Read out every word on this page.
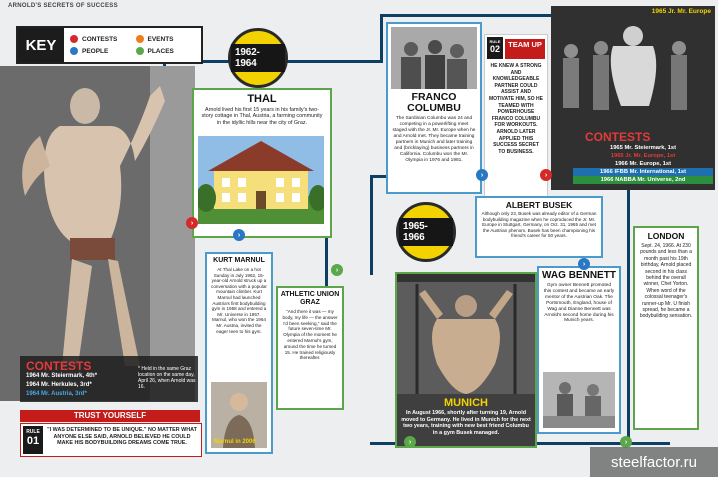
ARNOLD'S SECRETS OF SUCCESS
KEY	CONTESTS	EVENTS
PEOPLE	PLACES
CONTESTS
1964 Mr. Steiermark, 4th*
1964 Mr. Herkules, 3rd*
1964 Mr. Austria, 3rd*
* Held in the same Graz location on the same day, April 26, when Arnold was 16.
TRUST YOURSELF
RULE
01
"I WAS DETERMINED TO BE UNIQUE." NO MATTER WHAT ANYONE ELSE SAID, ARNOLD BELIEVED HE COULD MAKE HIS BODYBUILDING DREAMS COME TRUE.
1962-1964
THAL
Arnold lived his first 15 years in his family's two-story cottage in Thal, Austria, a farming community in the idyllic hills near the city of Graz.
KURT MARNUL
At Thal Lake on a hot Sunday in July 1962, 15-year-old Arnold struck up a conversation with a popular mountain climber. Kurt Marnul had launched Austria's first bodybuilding gym in 1958 and entered a Mr. Universe in 1957. Marnul, who won the 1964 Mr. Austria, invited the eager teen to his gym.
Marnul in 2006
ATHLETIC UNION GRAZ
"And there it was — my body, my life — the answer I'd been seeking," said the future seven-time Mr. Olympia of the moment he entered Marnul's gym, around the time he turned 15. He trained religiously thereafter.
FRANCO COLUMBU
The Sardinian Columbu was 24 and competing in a powerlifting meet staged with the Jr. Mr. Europe when he and Arnold met. They became training partners in Munich and later training and (bricklaying) business partners in California. Columbu won the Mr. Olympia in 1976 and 1981.
RULE
02	TEAM UP
HE KNEW A STRONG AND KNOWLEDGEABLE PARTNER COULD ASSIST AND MOTIVATE HIM, SO HE TEAMED WITH POWERHOUSE FRANCO COLUMBU FOR WORKOUTS. ARNOLD LATER APPLIED THIS SUCCESS SECRET TO BUSINESS.
1965 Jr. Mr. Europe
CONTESTS
1965 Mr. Steiermark, 1st
1965 Jr. Mr. Europe, 1st
1966 Mr. Europe, 1st
1966 IFBB Mr. International, 1st
1966 NABBA Mr. Universe, 2nd
1965-1966
ALBERT BUSEK
Although only 23, Busek was already editor of a German bodybuilding magazine when he coproduced the Jr. Mr. Europe in Stuttgart, Germany, on Oct. 31, 1965 and met the Austrian phenom. Busek has been championing his friend's career for 50 years.
MUNICH
In August 1966, shortly after turning 19, Arnold moved to Germany. He lived in Munich for the next two years, training with new best friend Columbu in a gym Busek managed.
WAG BENNETT
Gym owner Bennett promoted this contest and became an early mentor of the Austrian Oak. The Portsmouth, England, house of Wag and Dianne Bennett was Arnold's second home during his Munich years.
LONDON
Sept. 24, 1966. At 230 pounds and less than a month past his 19th birthday, Arnold placed second in his class behind the overall winner, Chet Yorton. When word of the colossal teenager's runner-up Mr. U finish spread, he became a bodybuilding sensation.
›
›
›
›	›
›
›
›
steelfactor.ru
